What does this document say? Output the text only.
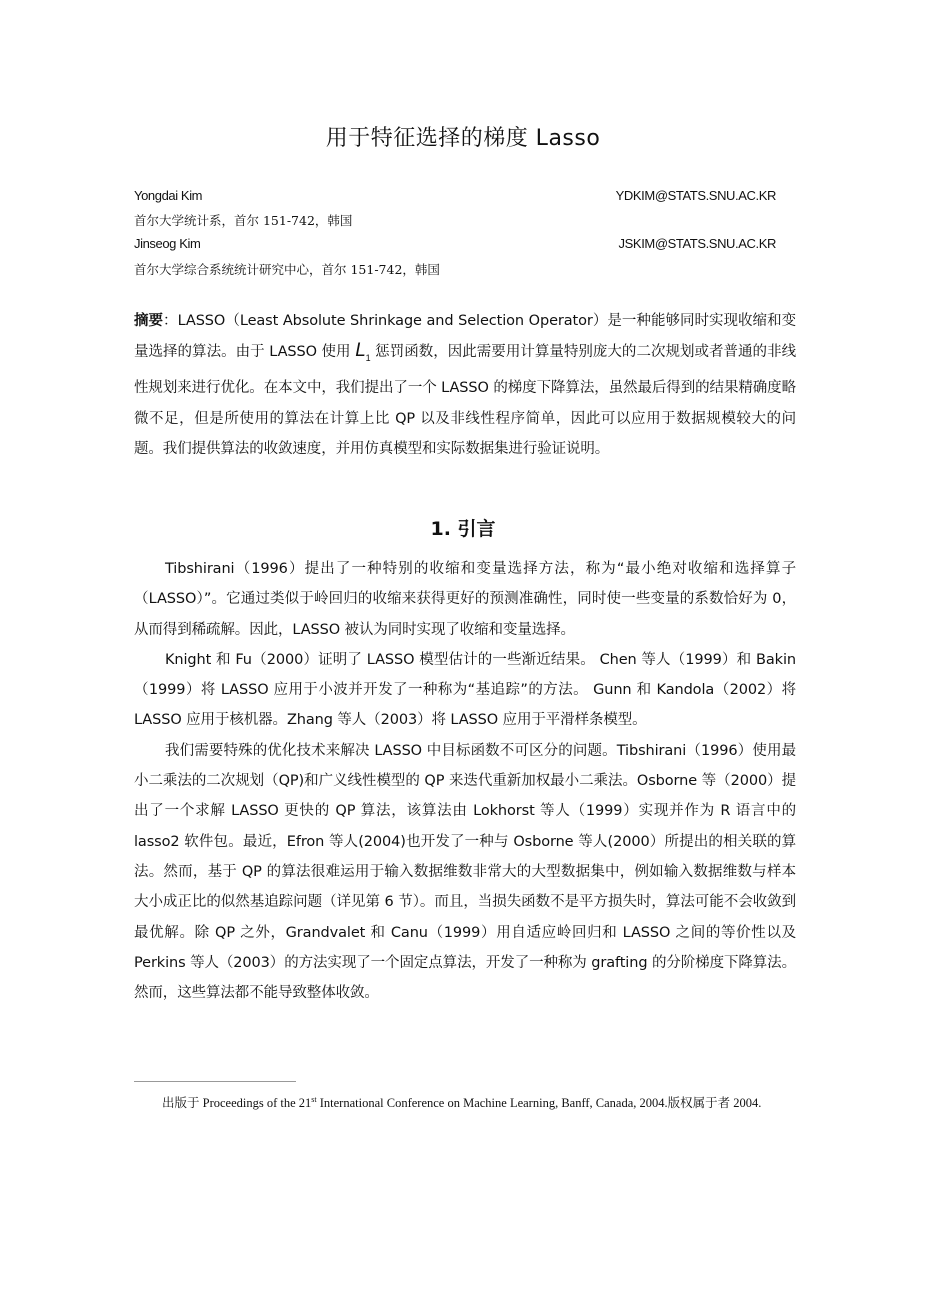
用于特征选择的梯度 Lasso
Yongdai Kim	YDKIM@STATS.SNU.AC.KR
首尔大学统计系，首尔 151-742，韩国
Jinseog Kim	JSKIM@STATS.SNU.AC.KR
首尔大学综合系统统计研究中心，首尔 151-742，韩国

摘要：LASSO（Least Absolute Shrinkage and Selection Operator）是一种能够同时实现收缩和变量选择的算法。由于 LASSO 使用 $L_1$ 惩罚函数，因此需要用计算量特别庞大的二次规划或者普通的非线性规划来进行优化。在本文中，我们提出了一个 LASSO 的梯度下降算法，虽然最后得到的结果精确度略微不足，但是所使用的算法在计算上比 QP 以及非线性程序简单，因此可以应用于数据规模较大的问题。我们提供算法的收敛速度，并用仿真模型和实际数据集进行验证说明。

1. 引言

Tibshirani（1996）提出了一种特别的收缩和变量选择方法，称为“最小绝对收缩和选择算子（LASSO）”。它通过类似于岭回归的收缩来获得更好的预测准确性，同时使一些变量的系数恰好为 0，从而得到稀疏解。因此，LASSO 被认为同时实现了收缩和变量选择。

Knight 和 Fu（2000）证明了 LASSO 模型估计的一些渐近结果。 Chen 等人（1999）和 Bakin（1999）将 LASSO 应用于小波并开发了一种称为“基追踪”的方法。 Gunn 和 Kandola（2002）将 LASSO 应用于核机器。Zhang 等人（2003）将 LASSO 应用于平滑样条模型。

我们需要特殊的优化技术来解决 LASSO 中目标函数不可区分的问题。Tibshirani（1996）使用最小二乘法的二次规划（QP)和广义线性模型的 QP 来迭代重新加权最小二乘法。Osborne 等（2000）提出了一个求解 LASSO 更快的 QP 算法，该算法由 Lokhorst 等人（1999）实现并作为 R 语言中的 lasso2 软件包。最近，Efron 等人(2004)也开发了一种与 Osborne 等人(2000）所提出的相关联的算法。然而，基于 QP 的算法很难运用于输入数据维数非常大的大型数据集中，例如输入数据维数与样本大小成正比的似然基追踪问题（详见第 6 节）。而且，当损失函数不是平方损失时，算法可能不会收敛到最优解。除 QP 之外，Grandvalet 和 Canu（1999）用自适应岭回归和 LASSO 之间的等价性以及 Perkins 等人（2003）的方法实现了一个固定点算法，开发了一种称为 grafting 的分阶梯度下降算法。然而，这些算法都不能导致整体收敛。

出版于 Proceedings of the 21st International Conference on Machine Learning, Banff, Canada, 2004.版权属于者 2004.
